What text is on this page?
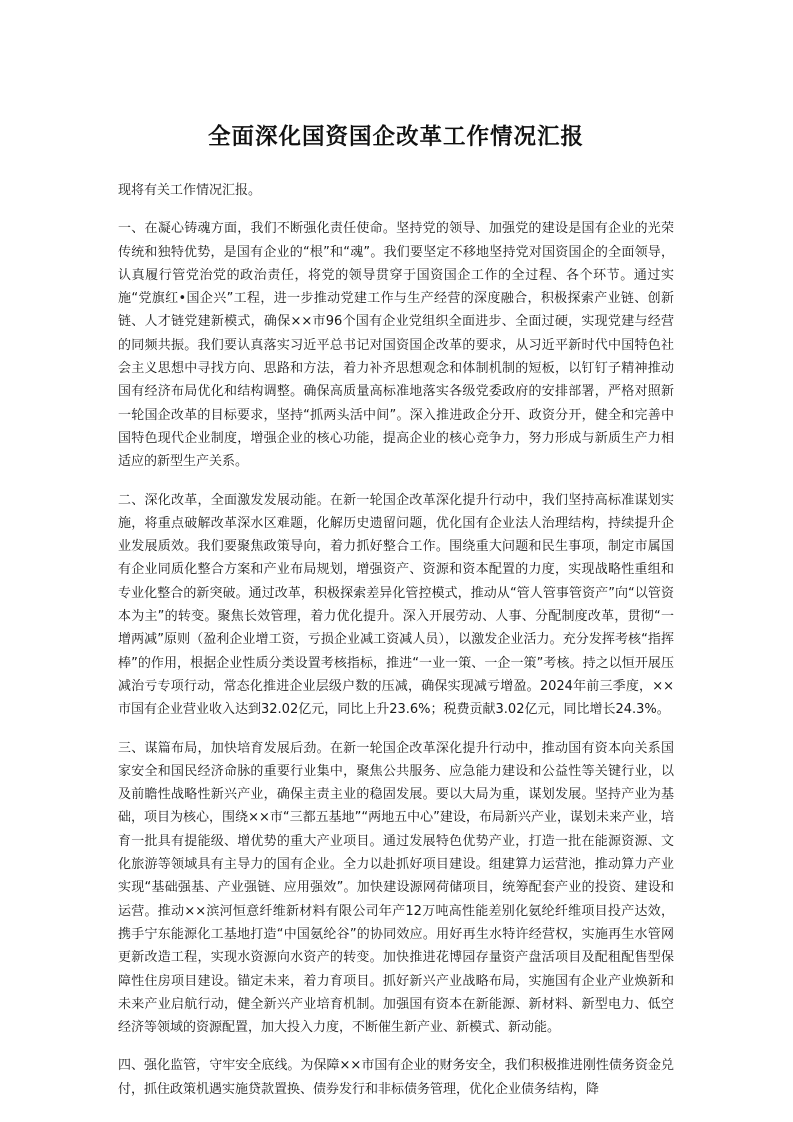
全面深化国资国企改革工作情况汇报

现将有关工作情况汇报。

一、在凝心铸魂方面，我们不断强化责任使命。坚持党的领导、加强党的建设是国有企业的光荣传统和独特优势，是国有企业的“根”和“魂”。我们要坚定不移地坚持党对国资国企的全面领导，认真履行管党治党的政治责任，将党的领导贯穿于国资国企工作的全过程、各个环节。通过实施“党旗红•国企兴”工程，进一步推动党建工作与生产经营的深度融合，积极探索产业链、创新链、人才链党建新模式，确保××市96个国有企业党组织全面进步、全面过硬，实现党建与经营的同频共振。我们要认真落实习近平总书记对国资国企改革的要求，从习近平新时代中国特色社会主义思想中寻找方向、思路和方法，着力补齐思想观念和体制机制的短板，以钉钉子精神推动国有经济布局优化和结构调整。确保高质量高标准地落实各级党委政府的安排部署，严格对照新一轮国企改革的目标要求，坚持“抓两头活中间”。深入推进政企分开、政资分开，健全和完善中国特色现代企业制度，增强企业的核心功能，提高企业的核心竞争力，努力形成与新质生产力相适应的新型生产关系。

二、深化改革，全面激发发展动能。在新一轮国企改革深化提升行动中，我们坚持高标准谋划实施，将重点破解改革深水区难题，化解历史遗留问题，优化国有企业法人治理结构，持续提升企业发展质效。我们要聚焦政策导向，着力抓好整合工作。围绕重大问题和民生事项，制定市属国有企业同质化整合方案和产业布局规划，增强资产、资源和资本配置的力度，实现战略性重组和专业化整合的新突破。通过改革，积极探索差异化管控模式，推动从“管人管事管资产”向“以管资本为主”的转变。聚焦长效管理，着力优化提升。深入开展劳动、人事、分配制度改革，贯彻“一增两减”原则（盈利企业增工资，亏损企业减工资减人员），以激发企业活力。充分发挥考核“指挥棒”的作用，根据企业性质分类设置考核指标，推进“一业一策、一企一策”考核。持之以恒开展压减治亏专项行动，常态化推进企业层级户数的压减，确保实现减亏增盈。2024年前三季度，××市国有企业营业收入达到32.02亿元，同比上升23.6%；税费贡献3.02亿元，同比增长24.3%。

三、谋篇布局，加快培育发展后劲。在新一轮国企改革深化提升行动中，推动国有资本向关系国家安全和国民经济命脉的重要行业集中，聚焦公共服务、应急能力建设和公益性等关键行业，以及前瞻性战略性新兴产业，确保主责主业的稳固发展。要以大局为重，谋划发展。坚持产业为基础，项目为核心，围绕××市“三都五基地”“两地五中心”建设，布局新兴产业，谋划未来产业，培育一批具有提能级、增优势的重大产业项目。通过发展特色优势产业，打造一批在能源资源、文化旅游等领域具有主导力的国有企业。全力以赴抓好项目建设。组建算力运营池，推动算力产业实现“基础强基、产业强链、应用强效”。加快建设源网荷储项目，统筹配套产业的投资、建设和运营。推动××滨河恒意纤维新材料有限公司年产12万吨高性能差别化氨纶纤维项目投产达效，携手宁东能源化工基地打造“中国氨纶谷”的协同效应。用好再生水特许经营权，实施再生水管网更新改造工程，实现水资源向水资产的转变。加快推进花博园存量资产盘活项目及配租配售型保障性住房项目建设。锚定未来，着力育项目。抓好新兴产业战略布局，实施国有企业产业焕新和未来产业启航行动，健全新兴产业培育机制。加强国有资本在新能源、新材料、新型电力、低空经济等领域的资源配置，加大投入力度，不断催生新产业、新模式、新动能。

四、强化监管，守牢安全底线。为保障××市国有企业的财务安全，我们积极推进刚性债务资金兑付，抓住政策机遇实施贷款置换、债券发行和非标债务管理，优化企业债务结构，降
